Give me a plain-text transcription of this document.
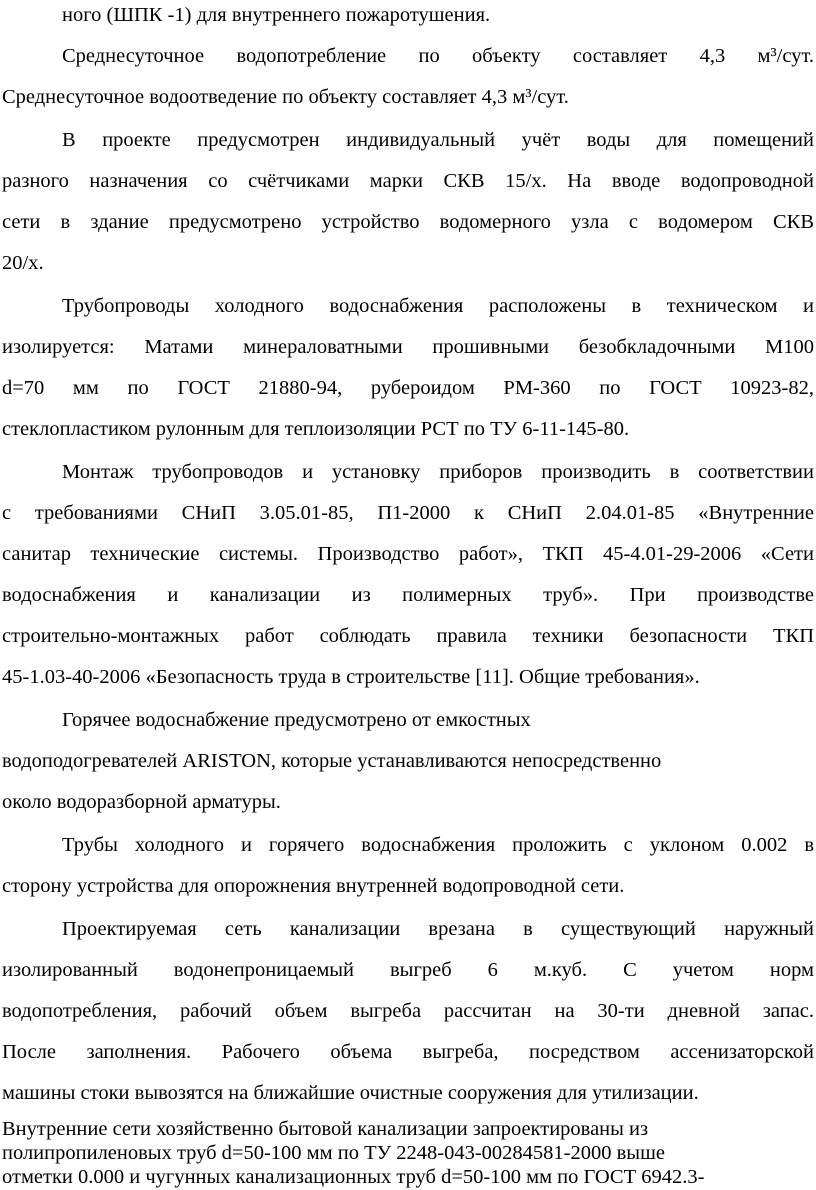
ного (ШПК -1) для внутреннего пожаротушения.
Среднесуточное водопотребление по объекту составляет 4,3 м³/сут.
Среднесуточное водоотведение по объекту составляет 4,3 м³/сут.
В проекте предусмотрен индивидуальный учёт воды для помещений
разного назначения со счётчиками марки СКВ 15/х. На вводе водопроводной
сети в здание предусмотрено устройство водомерного узла с водомером СКВ
20/х.
Трубопроводы холодного водоснабжения расположены в техническом и
изолируется: Матами минераловатными прошивными безобкладочными М100
d=70 мм по ГОСТ 21880-94, рубероидом РМ-360 по ГОСТ 10923-82,
стеклопластиком рулонным для теплоизоляции РСТ по ТУ 6-11-145-80.
Монтаж трубопроводов и установку приборов производить в соответствии
с требованиями СНиП 3.05.01-85, П1-2000 к СНиП 2.04.01-85 «Внутренние
санитар технические системы. Производство работ», ТКП 45-4.01-29-2006 «Сети
водоснабжения и канализации из полимерных труб». При производстве
строительно-монтажных работ соблюдать правила техники безопасности ТКП
45-1.03-40-2006 «Безопасность труда в строительстве [11]. Общие требования».
Горячее водоснабжение предусмотрено от емкостных
водоподогревателей ARISTON, которые устанавливаются непосредственно
около водоразборной арматуры.
Трубы холодного и горячего водоснабжения проложить с уклоном 0.002 в
сторону устройства для опорожнения внутренней водопроводной сети.
Проектируемая сеть канализации врезана в существующий наружный
изолированный водонепроницаемый выгреб 6 м.куб. С учетом норм
водопотребления, рабочий объем выгреба рассчитан на 30-ти дневной запас.
После заполнения. Рабочего объема выгреба, посредством ассенизаторской
машины стоки вывозятся на ближайшие очистные сооружения для утилизации.
Внутренние сети хозяйственно бытовой канализации запроектированы из
полипропиленовых труб d=50-100 мм по ТУ 2248-043-00284581-2000 выше
отметки 0.000 и чугунных канализационных труб d=50-100 мм по ГОСТ 6942.3-
